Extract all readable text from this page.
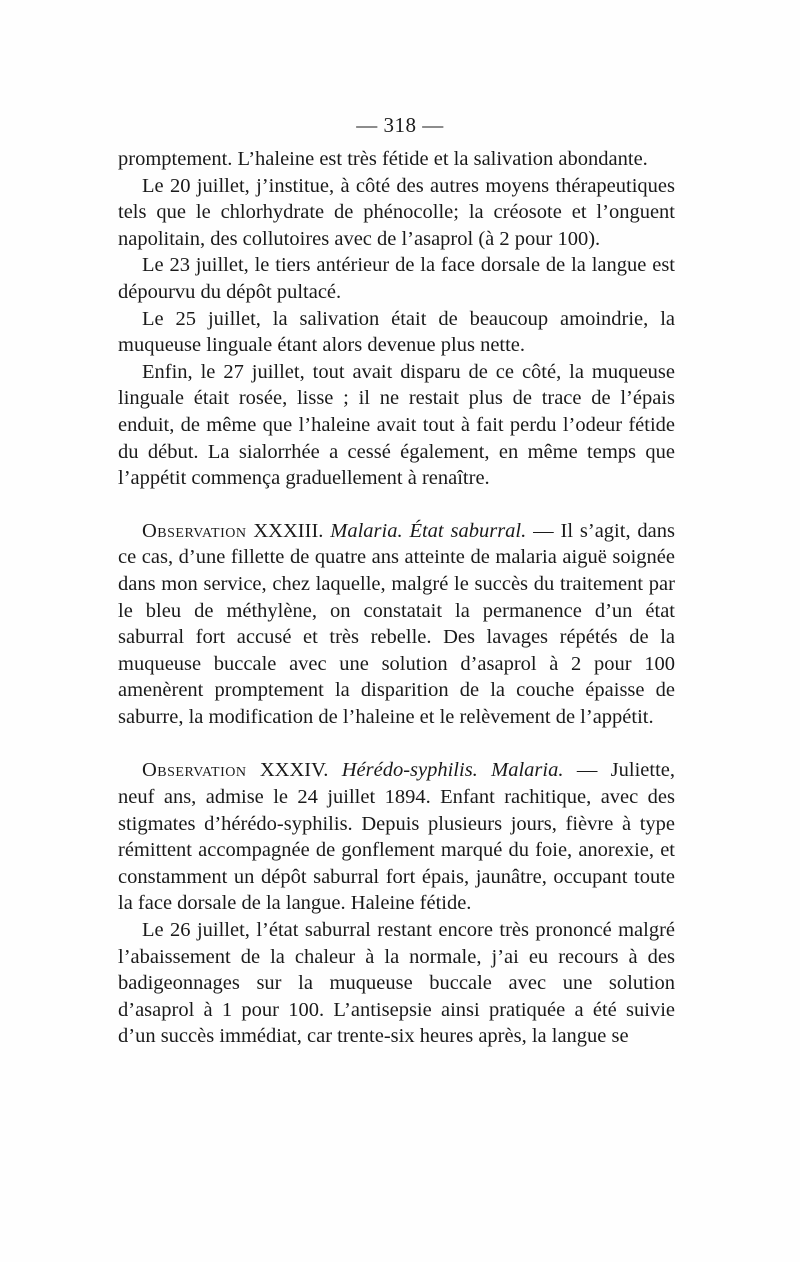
— 318 —

promptement. L’haleine est très fétide et la salivation abondante.

Le 20 juillet, j’institue, à côté des autres moyens thérapeutiques tels que le chlorhydrate de phénocolle; la créosote et l’onguent napolitain, des collutoires avec de l’asaprol (à 2 pour 100).

Le 23 juillet, le tiers antérieur de la face dorsale de la langue est dépourvu du dépôt pultacé.

Le 25 juillet, la salivation était de beaucoup amoindrie, la muqueuse linguale étant alors devenue plus nette.

Enfin, le 27 juillet, tout avait disparu de ce côté, la muqueuse linguale était rosée, lisse ; il ne restait plus de trace de l’épais enduit, de même que l’haleine avait tout à fait perdu l’odeur fétide du début. La sialorrhée a cessé également, en même temps que l’appétit commença graduellement à renaître.

Observation XXXIII. Malaria. État saburral. — Il s’agit, dans ce cas, d’une fillette de quatre ans atteinte de malaria aiguë soignée dans mon service, chez laquelle, malgré le succès du traitement par le bleu de méthylène, on constatait la permanence d’un état saburral fort accusé et très rebelle. Des lavages répétés de la muqueuse buccale avec une solution d’asaprol à 2 pour 100 amenèrent promptement la disparition de la couche épaisse de saburre, la modification de l’haleine et le relèvement de l’appétit.

Observation XXXIV. Hérédo-syphilis. Malaria. — Juliette, neuf ans, admise le 24 juillet 1894. Enfant rachitique, avec des stigmates d’hérédo-syphilis. Depuis plusieurs jours, fièvre à type rémittent accompagnée de gonflement marqué du foie, anorexie, et constamment un dépôt saburral fort épais, jaunâtre, occupant toute la face dorsale de la langue. Haleine fétide.

Le 26 juillet, l’état saburral restant encore très prononcé malgré l’abaissement de la chaleur à la normale, j’ai eu recours à des badigeonnages sur la muqueuse buccale avec une solution d’asaprol à 1 pour 100. L’antisepsie ainsi pratiquée a été suivie d’un succès immédiat, car trente-six heures après, la langue se
